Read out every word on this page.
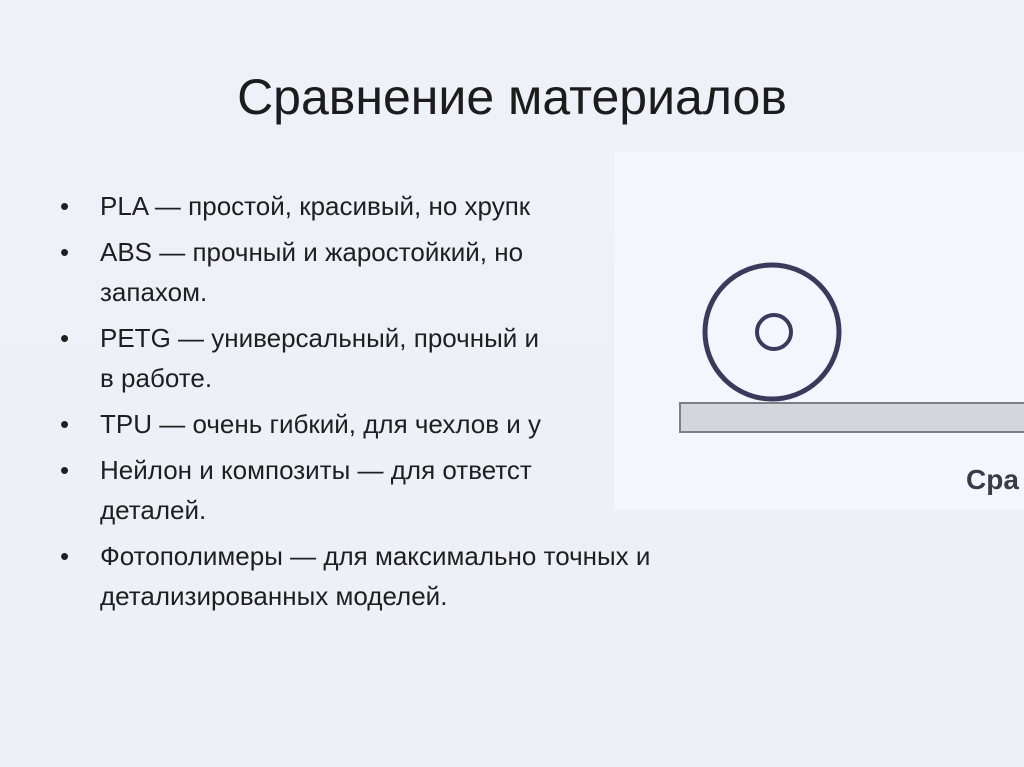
Сравнение материалов
•	PLA — простой, красивый, но хрупк
•	ABS — прочный и жаростойкий, но
запахом.
•	PETG — универсальный, прочный и
в работе.
•	TPU — очень гибкий, для чехлов и у
•	Нейлон и композиты — для ответст
деталей.
•	Фотополимеры — для максимально точных и
детализированных моделей.
Сра
